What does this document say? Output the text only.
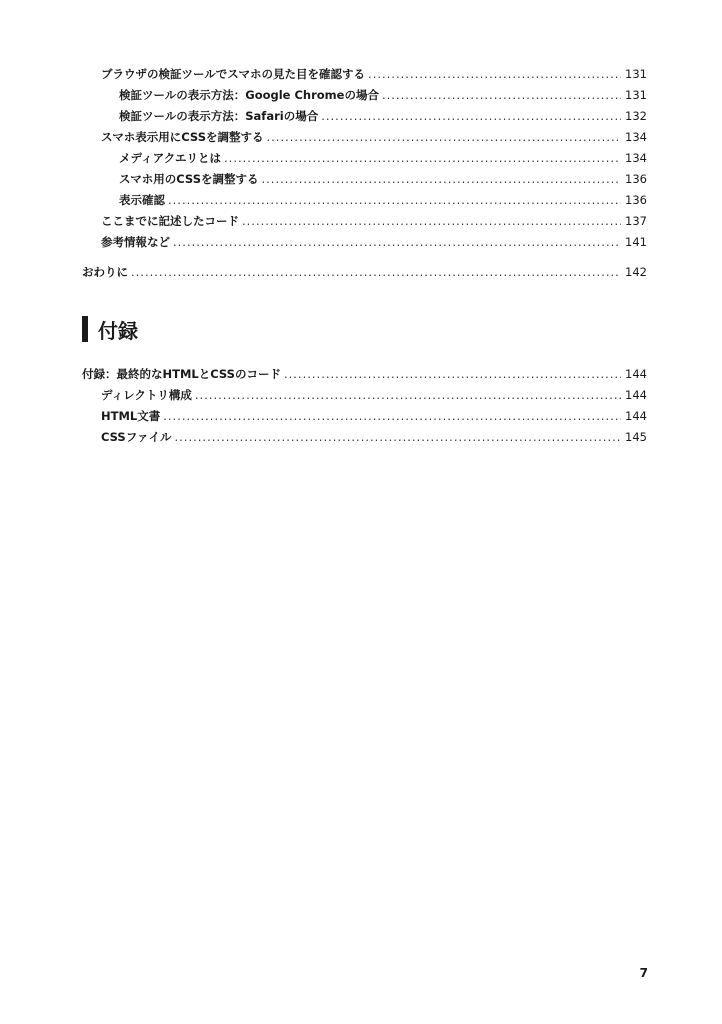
ブラウザの検証ツールでスマホの見た目を確認する .....	131
検証ツールの表示方法：Google Chromeの場合 .....	131
検証ツールの表示方法：Safariの場合 .....	132
スマホ表示用にCSSを調整する .....	134
メディアクエリとは .....	134
スマホ用のCSSを調整する .....	136
表示確認 .....	136
ここまでに記述したコード .....	137
参考情報など .....	141
おわりに .....	142
付録
付録：最終的なHTMLとCSSのコード .....	144
ディレクトリ構成 .....	144
HTML文書 .....	144
CSSファイル .....	145
7
